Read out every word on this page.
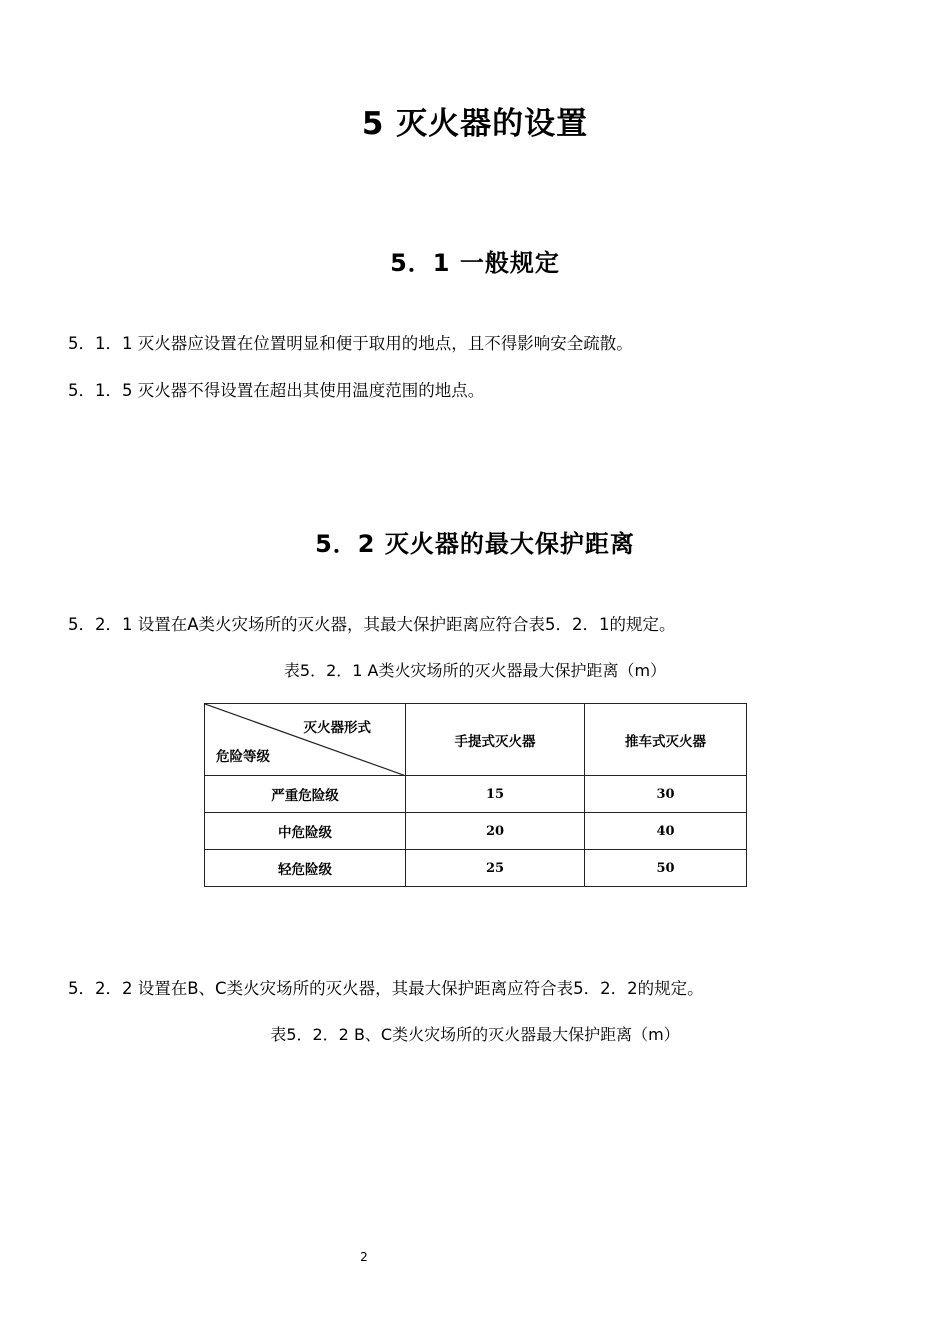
5 灭火器的设置
5．1 一般规定
5．1．1 灭火器应设置在位置明显和便于取用的地点，且不得影响安全疏散。
5．1．5 灭火器不得设置在超出其使用温度范围的地点。
5．2 灭火器的最大保护距离
5．2．1 设置在A类火灾场所的灭火器，其最大保护距离应符合表5．2．1的规定。
表5．2．1 A类火灾场所的灭火器最大保护距离（m）
灭火器形式
危险等级	手提式灭火器	推车式灭火器
严重危险级	15	30
中危险级	20	40
轻危险级	25	50
5．2．2 设置在B、C类火灾场所的灭火器，其最大保护距离应符合表5．2．2的规定。
表5．2．2 B、C类火灾场所的灭火器最大保护距离（m）
2
